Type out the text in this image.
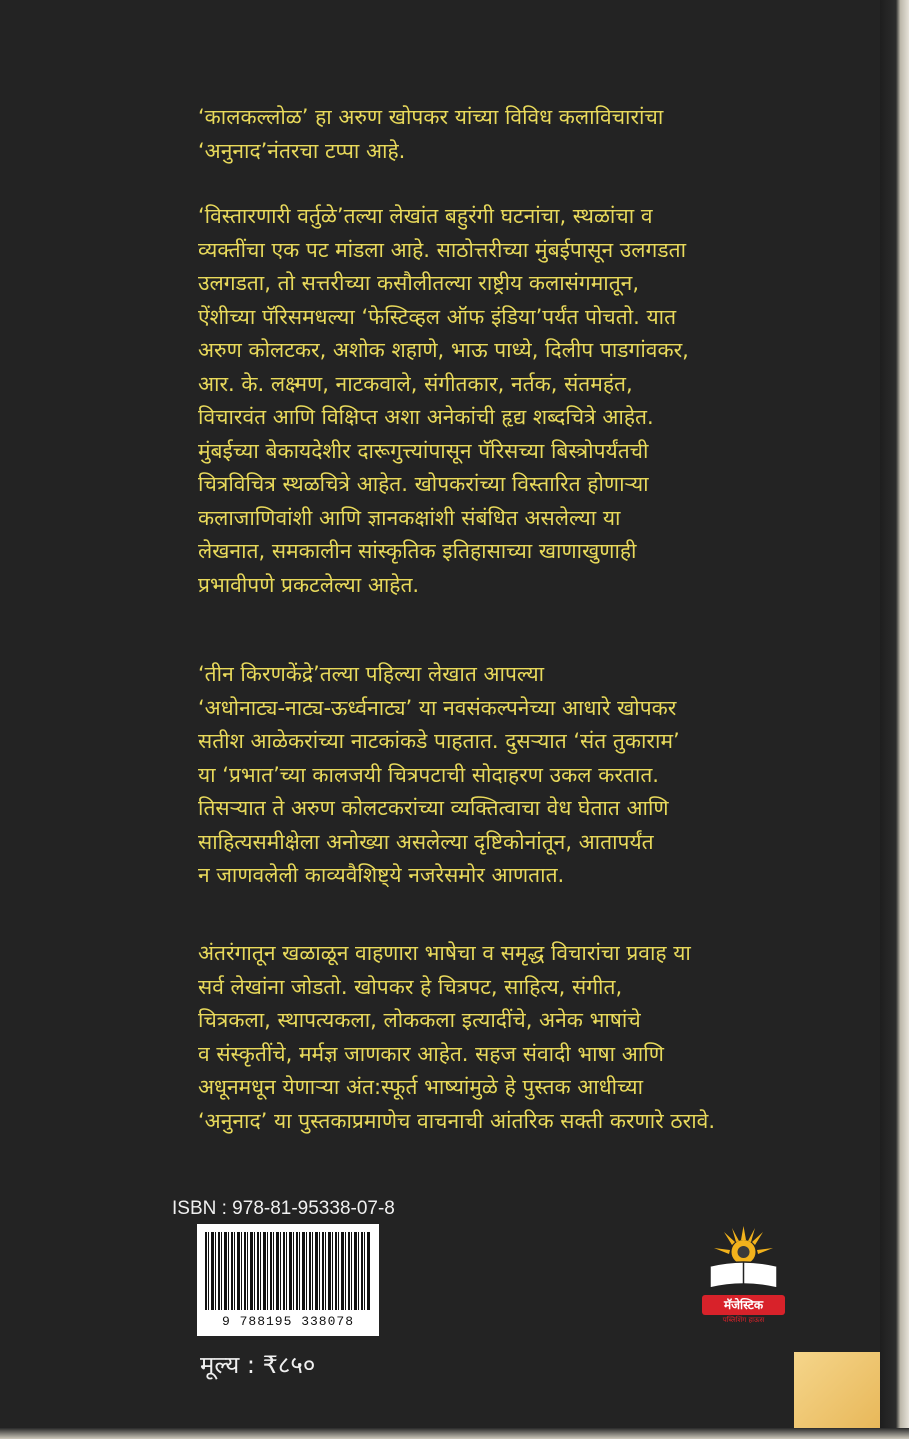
‘कालकल्लोळ’ हा अरुण खोपकर यांच्या विविध कलाविचारांचा
‘अनुनाद’नंतरचा टप्पा आहे.

‘विस्तारणारी वर्तुळे’तल्या लेखांत बहुरंगी घटनांचा, स्थळांचा व
व्यक्तींचा एक पट मांडला आहे. साठोत्तरीच्या मुंबईपासून उलगडता
उलगडता, तो सत्तरीच्या कसौलीतल्या राष्ट्रीय कलासंगमातून,
ऐंशीच्या पॅरिसमधल्या ‘फेस्टिव्हल ऑफ इंडिया’पर्यंत पोचतो. यात
अरुण कोलटकर, अशोक शहाणे, भाऊ पाध्ये, दिलीप पाडगांवकर,
आर. के. लक्ष्मण, नाटकवाले, संगीतकार, नर्तक, संतमहंत,
विचारवंत आणि विक्षिप्त अशा अनेकांची हृद्य शब्दचित्रे आहेत.
मुंबईच्या बेकायदेशीर दारूगुत्त्यांपासून पॅरिसच्या बिस्त्रोपर्यंतची
चित्रविचित्र स्थळचित्रे आहेत. खोपकरांच्या विस्तारित होणाऱ्या
कलाजाणिवांशी आणि ज्ञानकक्षांशी संबंधित असलेल्या या
लेखनात, समकालीन सांस्कृतिक इतिहासाच्या खाणाखुणाही
प्रभावीपणे प्रकटलेल्या आहेत.

‘तीन किरणकेंद्रे’तल्या पहिल्या लेखात आपल्या
‘अधोनाट्य-नाट्य-ऊर्ध्वनाट्य’ या नवसंकल्पनेच्या आधारे खोपकर
सतीश आळेकरांच्या नाटकांकडे पाहतात. दुसऱ्यात ‘संत तुकाराम’
या ‘प्रभात’च्या कालजयी चित्रपटाची सोदाहरण उकल करतात.
तिसऱ्यात ते अरुण कोलटकरांच्या व्यक्तित्वाचा वेध घेतात आणि
साहित्यसमीक्षेला अनोख्या असलेल्या दृष्टिकोनांतून, आतापर्यंत
न जाणवलेली काव्यवैशिष्ट्ये नजरेसमोर आणतात.

अंतरंगातून खळाळून वाहणारा भाषेचा व समृद्ध विचारांचा प्रवाह या
सर्व लेखांना जोडतो. खोपकर हे चित्रपट, साहित्य, संगीत,
चित्रकला, स्थापत्यकला, लोककला इत्यादींचे, अनेक भाषांचे
व संस्कृतींचे, मर्मज्ञ जाणकार आहेत. सहज संवादी भाषा आणि
अधूनमधून येणाऱ्या अंत:स्फूर्त भाष्यांमुळे हे पुस्तक आधीच्या
‘अनुनाद’ या पुस्तकाप्रमाणेच वाचनाची आंतरिक सक्ती करणारे ठरावे.

ISBN : 978-81-95338-07-8
9 788195 338078
मूल्य : ₹८५०
मॅजेस्टिक
पब्लिशिंग हाऊस
